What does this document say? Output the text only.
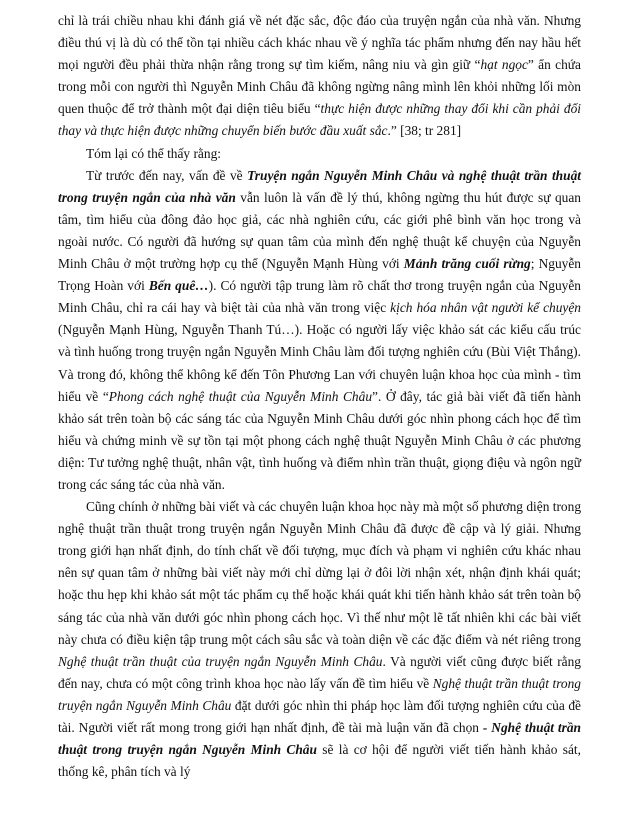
chỉ là trái chiều nhau khi đánh giá về nét đặc sắc, độc đáo của truyện ngắn của nhà văn. Nhưng điều thú vị là dù có thể tồn tại nhiều cách khác nhau về ý nghĩa tác phẩm nhưng đến nay hầu hết mọi người đều phải thừa nhận rằng trong sự tìm kiếm, nâng niu và gìn giữ “hạt ngọc” ẩn chứa trong mỗi con người thì Nguyễn Minh Châu đã không ngừng nâng mình lên khỏi những lối mòn quen thuộc để trở thành một đại diện tiêu biểu “thực hiện được những thay đổi khi cần phải đổi thay và thực hiện được những chuyển biến bước đầu xuất sắc.” [38; tr 281]

Tóm lại có thể thấy rằng:

Từ trước đến nay, vấn đề về Truyện ngắn Nguyễn Minh Châu và nghệ thuật trần thuật trong truyện ngắn của nhà văn vẫn luôn là vấn đề lý thú, không ngừng thu hút được sự quan tâm, tìm hiểu của đông đảo học giả, các nhà nghiên cứu, các giới phê bình văn học trong và ngoài nước. Có người đã hướng sự quan tâm của mình đến nghệ thuật kể chuyện của Nguyễn Minh Châu ở một trường hợp cụ thể (Nguyễn Mạnh Hùng với Mảnh trăng cuối rừng; Nguyễn Trọng Hoàn với Bến quê…). Có người tập trung làm rõ chất thơ trong truyện ngắn của Nguyễn Minh Châu, chỉ ra cái hay và biệt tài của nhà văn trong việc kịch hóa nhân vật người kể chuyện (Nguyễn Mạnh Hùng, Nguyễn Thanh Tú…). Hoặc có người lấy việc khảo sát các kiểu cấu trúc và tình huống trong truyện ngắn Nguyễn Minh Châu làm đối tượng nghiên cứu (Bùi Việt Thắng). Và trong đó, không thể không kể đến Tôn Phương Lan với chuyên luận khoa học của mình - tìm hiểu về “Phong cách nghệ thuật của Nguyễn Minh Châu”. Ở đây, tác giả bài viết đã tiến hành khảo sát trên toàn bộ các sáng tác của Nguyễn Minh Châu dưới góc nhìn phong cách học để tìm hiểu và chứng minh về sự tồn tại một phong cách nghệ thuật Nguyễn Minh Châu ở các phương diện: Tư tưởng nghệ thuật, nhân vật, tình huống và điểm nhìn trần thuật, giọng điệu và ngôn ngữ trong các sáng tác của nhà văn.

Cũng chính ở những bài viết và các chuyên luận khoa học này mà một số phương diện trong nghệ thuật trần thuật trong truyện ngắn Nguyễn Minh Châu đã được đề cập và lý giải. Nhưng trong giới hạn nhất định, do tính chất về đối tượng, mục đích và phạm vi nghiên cứu khác nhau nên sự quan tâm ở những bài viết này mới chỉ dừng lại ở đôi lời nhận xét, nhận định khái quát; hoặc thu hẹp khi khảo sát một tác phẩm cụ thể hoặc khái quát khi tiến hành khảo sát trên toàn bộ sáng tác của nhà văn dưới góc nhìn phong cách học. Vì thế như một lẽ tất nhiên khi các bài viết này chưa có điều kiện tập trung một cách sâu sắc và toàn diện về các đặc điểm và nét riêng trong Nghệ thuật trần thuật của truyện ngắn Nguyễn Minh Châu. Và người viết cũng được biết rằng đến nay, chưa có một công trình khoa học nào lấy vấn đề tìm hiểu về Nghệ thuật trần thuật trong truyện ngắn Nguyễn Minh Châu đặt dưới góc nhìn thi pháp học làm đối tượng nghiên cứu của đề tài. Người viết rất mong trong giới hạn nhất định, đề tài mà luận văn đã chọn - Nghệ thuật trần thuật trong truyện ngắn Nguyễn Minh Châu sẽ là cơ hội để người viết tiến hành khảo sát, thống kê, phân tích và lý
